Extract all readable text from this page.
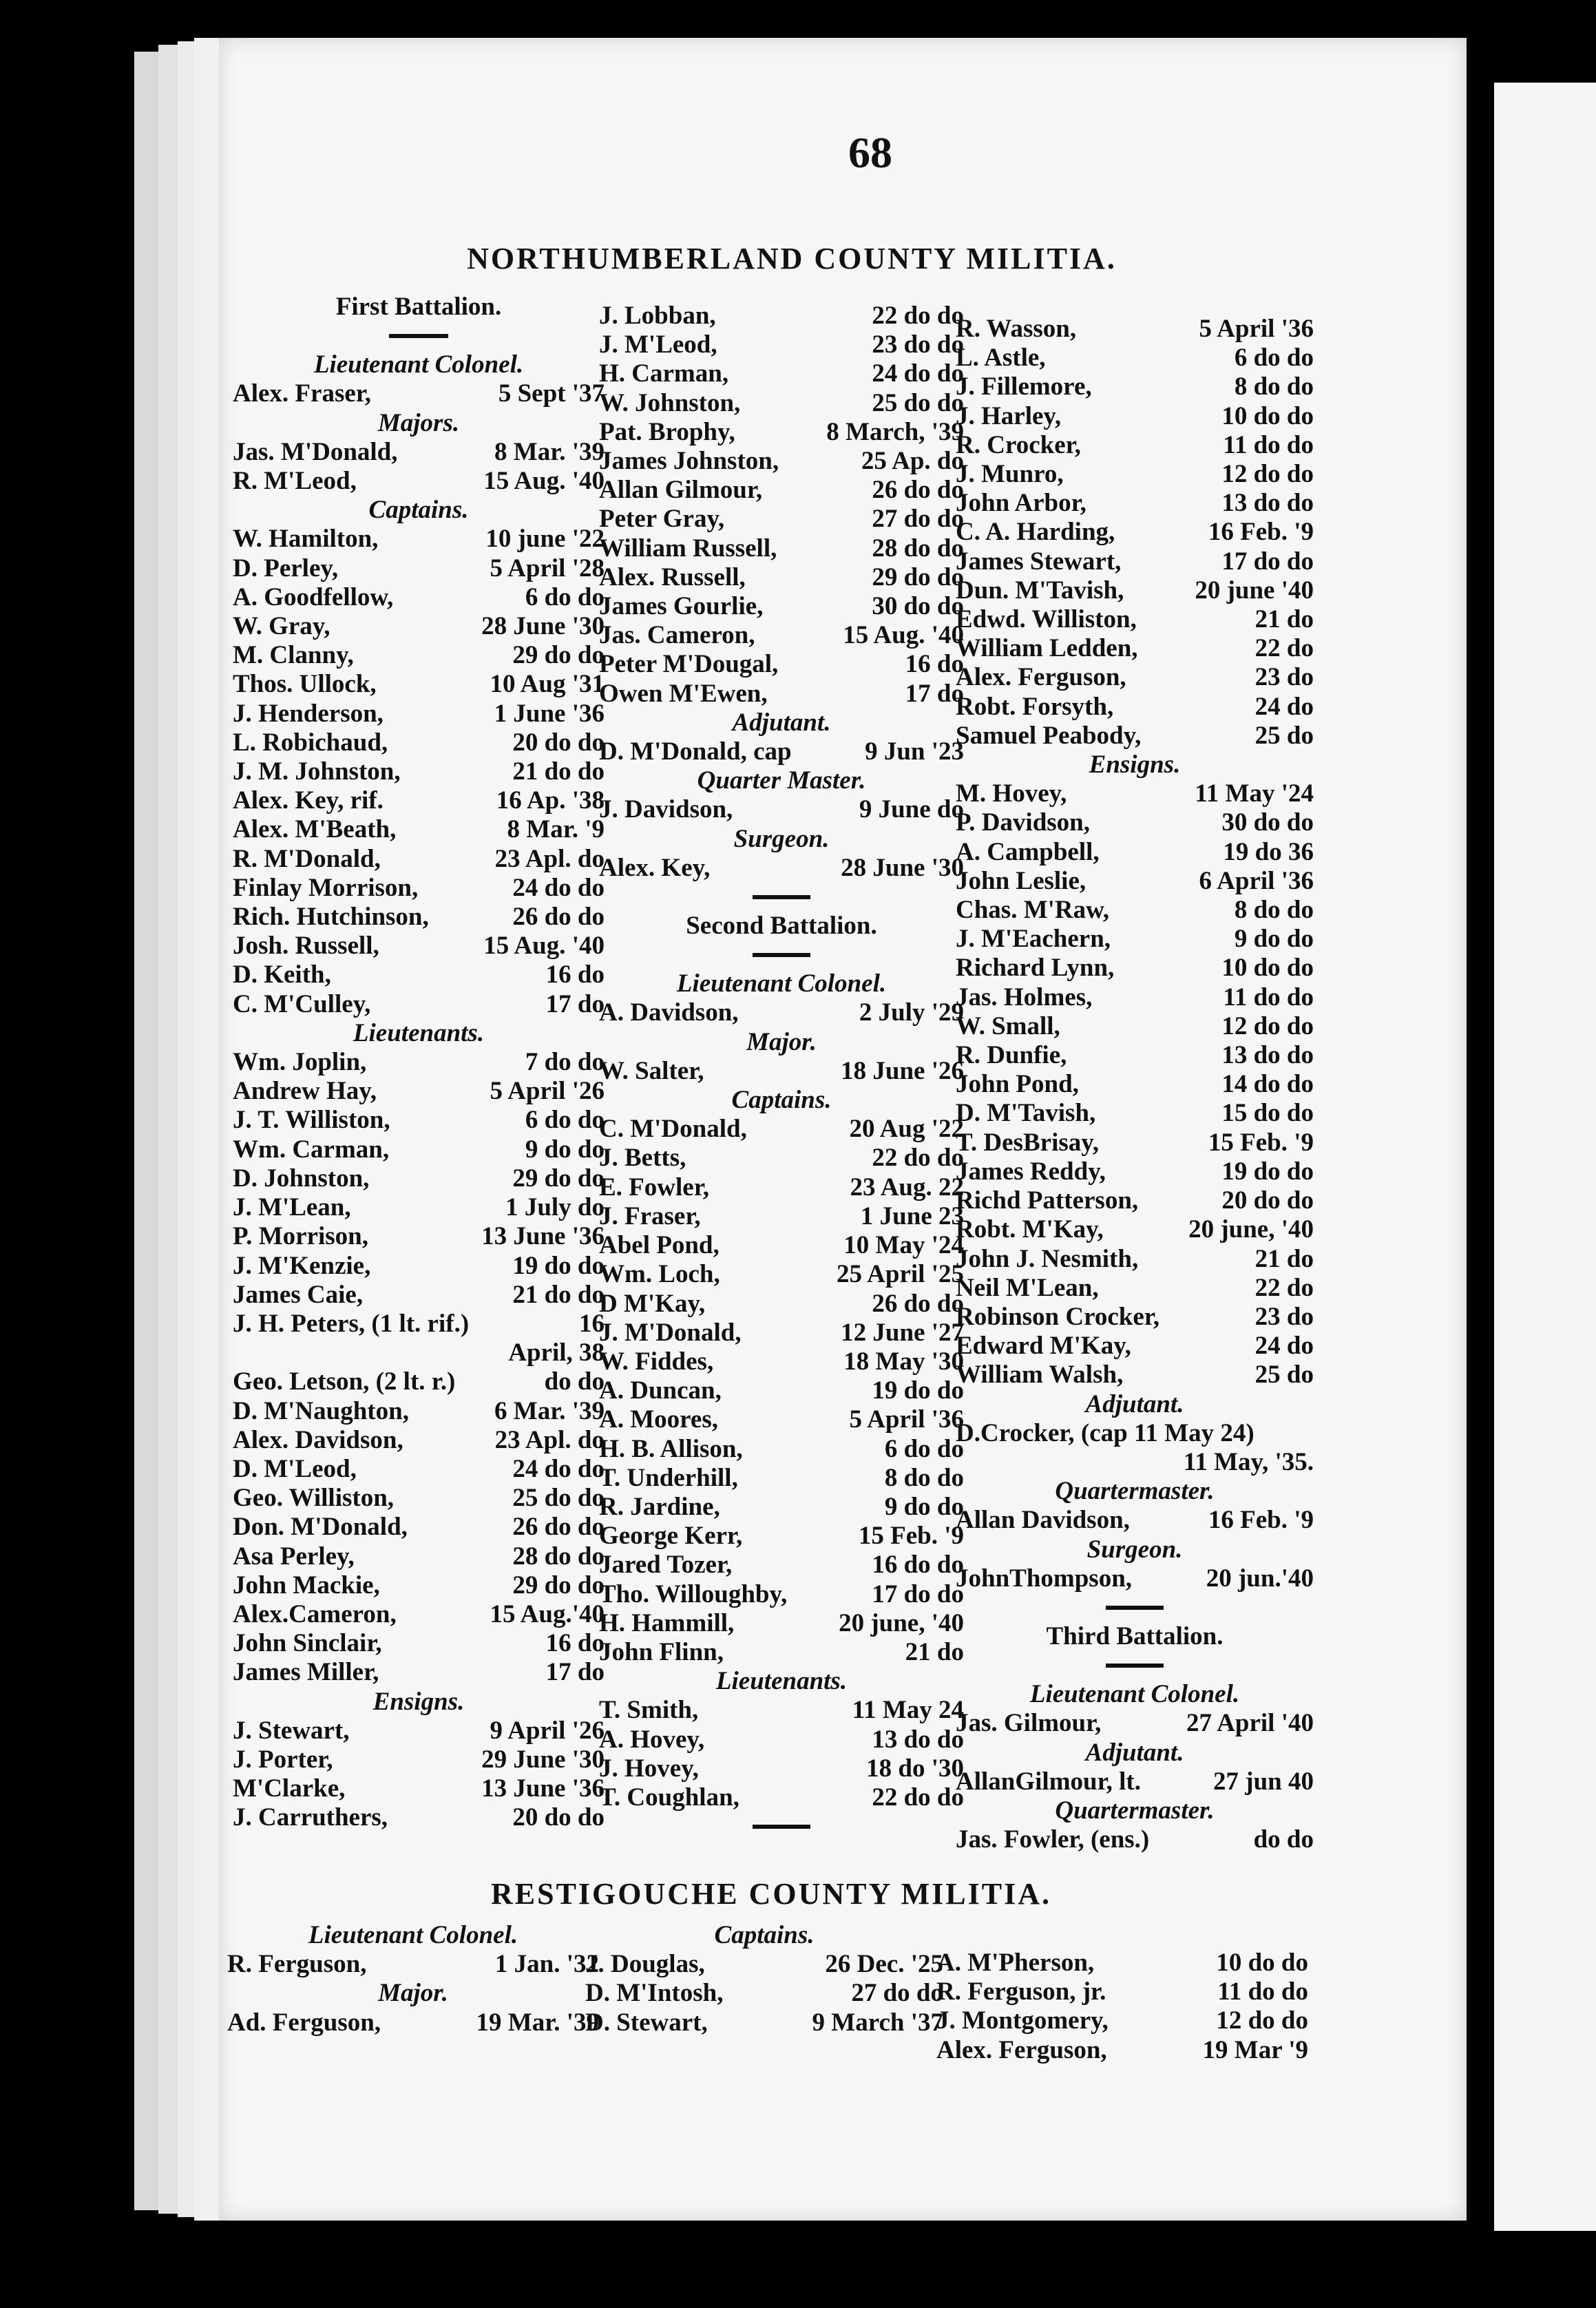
68
NORTHUMBERLAND COUNTY MILITIA.
First Battalion.
Lieutenant Colonel.
Alex. Fraser,	5 Sept '37
Majors.
Jas. M'Donald,	8 Mar. '39
R. M'Leod,	15 Aug. '40
Captains.
W. Hamilton,	10 june '22
D. Perley,	5 April '28
A. Goodfellow,	6 do do
W. Gray,	28 June '30
M. Clanny,	29 do do
Thos. Ullock,	10 Aug '31
J. Henderson,	1 June '36
L. Robichaud,	20 do do
J. M. Johnston,	21 do do
Alex. Key, rif.	16 Ap. '38
Alex. M'Beath,	8 Mar. '9
R. M'Donald,	23 Apl. do
Finlay Morrison,	24 do do
Rich. Hutchinson,	26 do do
Josh. Russell,	15 Aug. '40
D. Keith,	16 do
C. M'Culley,	17 do
Lieutenants.
Wm. Joplin,	7 do do
Andrew Hay,	5 April '26
J. T. Williston,	6 do do
Wm. Carman,	9 do do
D. Johnston,	29 do do
J. M'Lean,	1 July do
P. Morrison,	13 June '36
J. M'Kenzie,	19 do do
James Caie,	21 do do
J. H. Peters, (1 lt. rif.)	16
April, 38
Geo. Letson, (2 lt. r.)	do do
D. M'Naughton,	6 Mar. '39
Alex. Davidson,	23 Apl. do
D. M'Leod,	24 do do
Geo. Williston,	25 do do
Don. M'Donald,	26 do do
Asa Perley,	28 do do
John Mackie,	29 do do
Alex.Cameron,	15 Aug.'40
John Sinclair,	16 do
James Miller,	17 do
Ensigns.
J. Stewart,	9 April '26
J. Porter,	29 June '30
M'Clarke,	13 June '36
J. Carruthers,	20 do do
J. Lobban,	22 do do
J. M'Leod,	23 do do
H. Carman,	24 do do
W. Johnston,	25 do do
Pat. Brophy,	8 March, '39
James Johnston,	25 Ap. do
Allan Gilmour,	26 do do
Peter Gray,	27 do do
William Russell,	28 do do
Alex. Russell,	29 do do
James Gourlie,	30 do do
Jas. Cameron,	15 Aug. '40
Peter M'Dougal,	16 do
Owen M'Ewen,	17 do
Adjutant.
D. M'Donald, cap	9 Jun '23
Quarter Master.
J. Davidson,	9 June do
Surgeon.
Alex. Key,	28 June '30
Second Battalion.
Lieutenant Colonel.
A. Davidson,	2 July '29
Major.
W. Salter,	18 June '26
Captains.
C. M'Donald,	20 Aug '22
J. Betts,	22 do do
E. Fowler,	23 Aug. 22
J. Fraser,	1 June 23
Abel Pond,	10 May '24
Wm. Loch,	25 April '25
D M'Kay,	26 do do
J. M'Donald,	12 June '27
W. Fiddes,	18 May '30
A. Duncan,	19 do do
A. Moores,	5 April '36
H. B. Allison,	6 do do
T. Underhill,	8 do do
R. Jardine,	9 do do
George Kerr,	15 Feb. '9
Jared Tozer,	16 do do
Tho. Willoughby,	17 do do
H. Hammill,	20 june, '40
John Flinn,	21 do
Lieutenants.
T. Smith,	11 May 24
A. Hovey,	13 do do
J. Hovey,	18 do '30
T. Coughlan,	22 do do
R. Wasson,	5 April '36
L. Astle,	6 do do
J. Fillemore,	8 do do
J. Harley,	10 do do
R. Crocker,	11 do do
J. Munro,	12 do do
John Arbor,	13 do do
C. A. Harding,	16 Feb. '9
James Stewart,	17 do do
Dun. M'Tavish,	20 june '40
Edwd. Williston,	21 do
William Ledden,	22 do
Alex. Ferguson,	23 do
Robt. Forsyth,	24 do
Samuel Peabody,	25 do
Ensigns.
M. Hovey,	11 May '24
P. Davidson,	30 do do
A. Campbell,	19 do 36
John Leslie,	6 April '36
Chas. M'Raw,	8 do do
J. M'Eachern,	9 do do
Richard Lynn,	10 do do
Jas. Holmes,	11 do do
W. Small,	12 do do
R. Dunfie,	13 do do
John Pond,	14 do do
D. M'Tavish,	15 do do
T. DesBrisay,	15 Feb. '9
James Reddy,	19 do do
Richd Patterson,	20 do do
Robt. M'Kay,	20 june, '40
John J. Nesmith,	21 do
Neil M'Lean,	22 do
Robinson Crocker,	23 do
Edward M'Kay,	24 do
William Walsh,	25 do
Adjutant.
D.Crocker, (cap 11 May 24)
11 May, '35.
Quartermaster.
Allan Davidson,	16 Feb. '9
Surgeon.
JohnThompson,	20 jun.'40
Third Battalion.
Lieutenant Colonel.
Jas. Gilmour,	27 April '40
Adjutant.
AllanGilmour, lt.	27 jun 40
Quartermaster.
Jas. Fowler, (ens.)	do do
RESTIGOUCHE COUNTY MILITIA.
Lieutenant Colonel.
R. Ferguson,	1 Jan. '32
Major.
Ad. Ferguson,	19 Mar. '39
Captains.
J. Douglas,	26 Dec. '25
D. M'Intosh,	27 do do
D. Stewart,	9 March '37
A. M'Pherson,	10 do do
R. Ferguson, jr.	11 do do
J. Montgomery,	12 do do
Alex. Ferguson,	19 Mar '9
